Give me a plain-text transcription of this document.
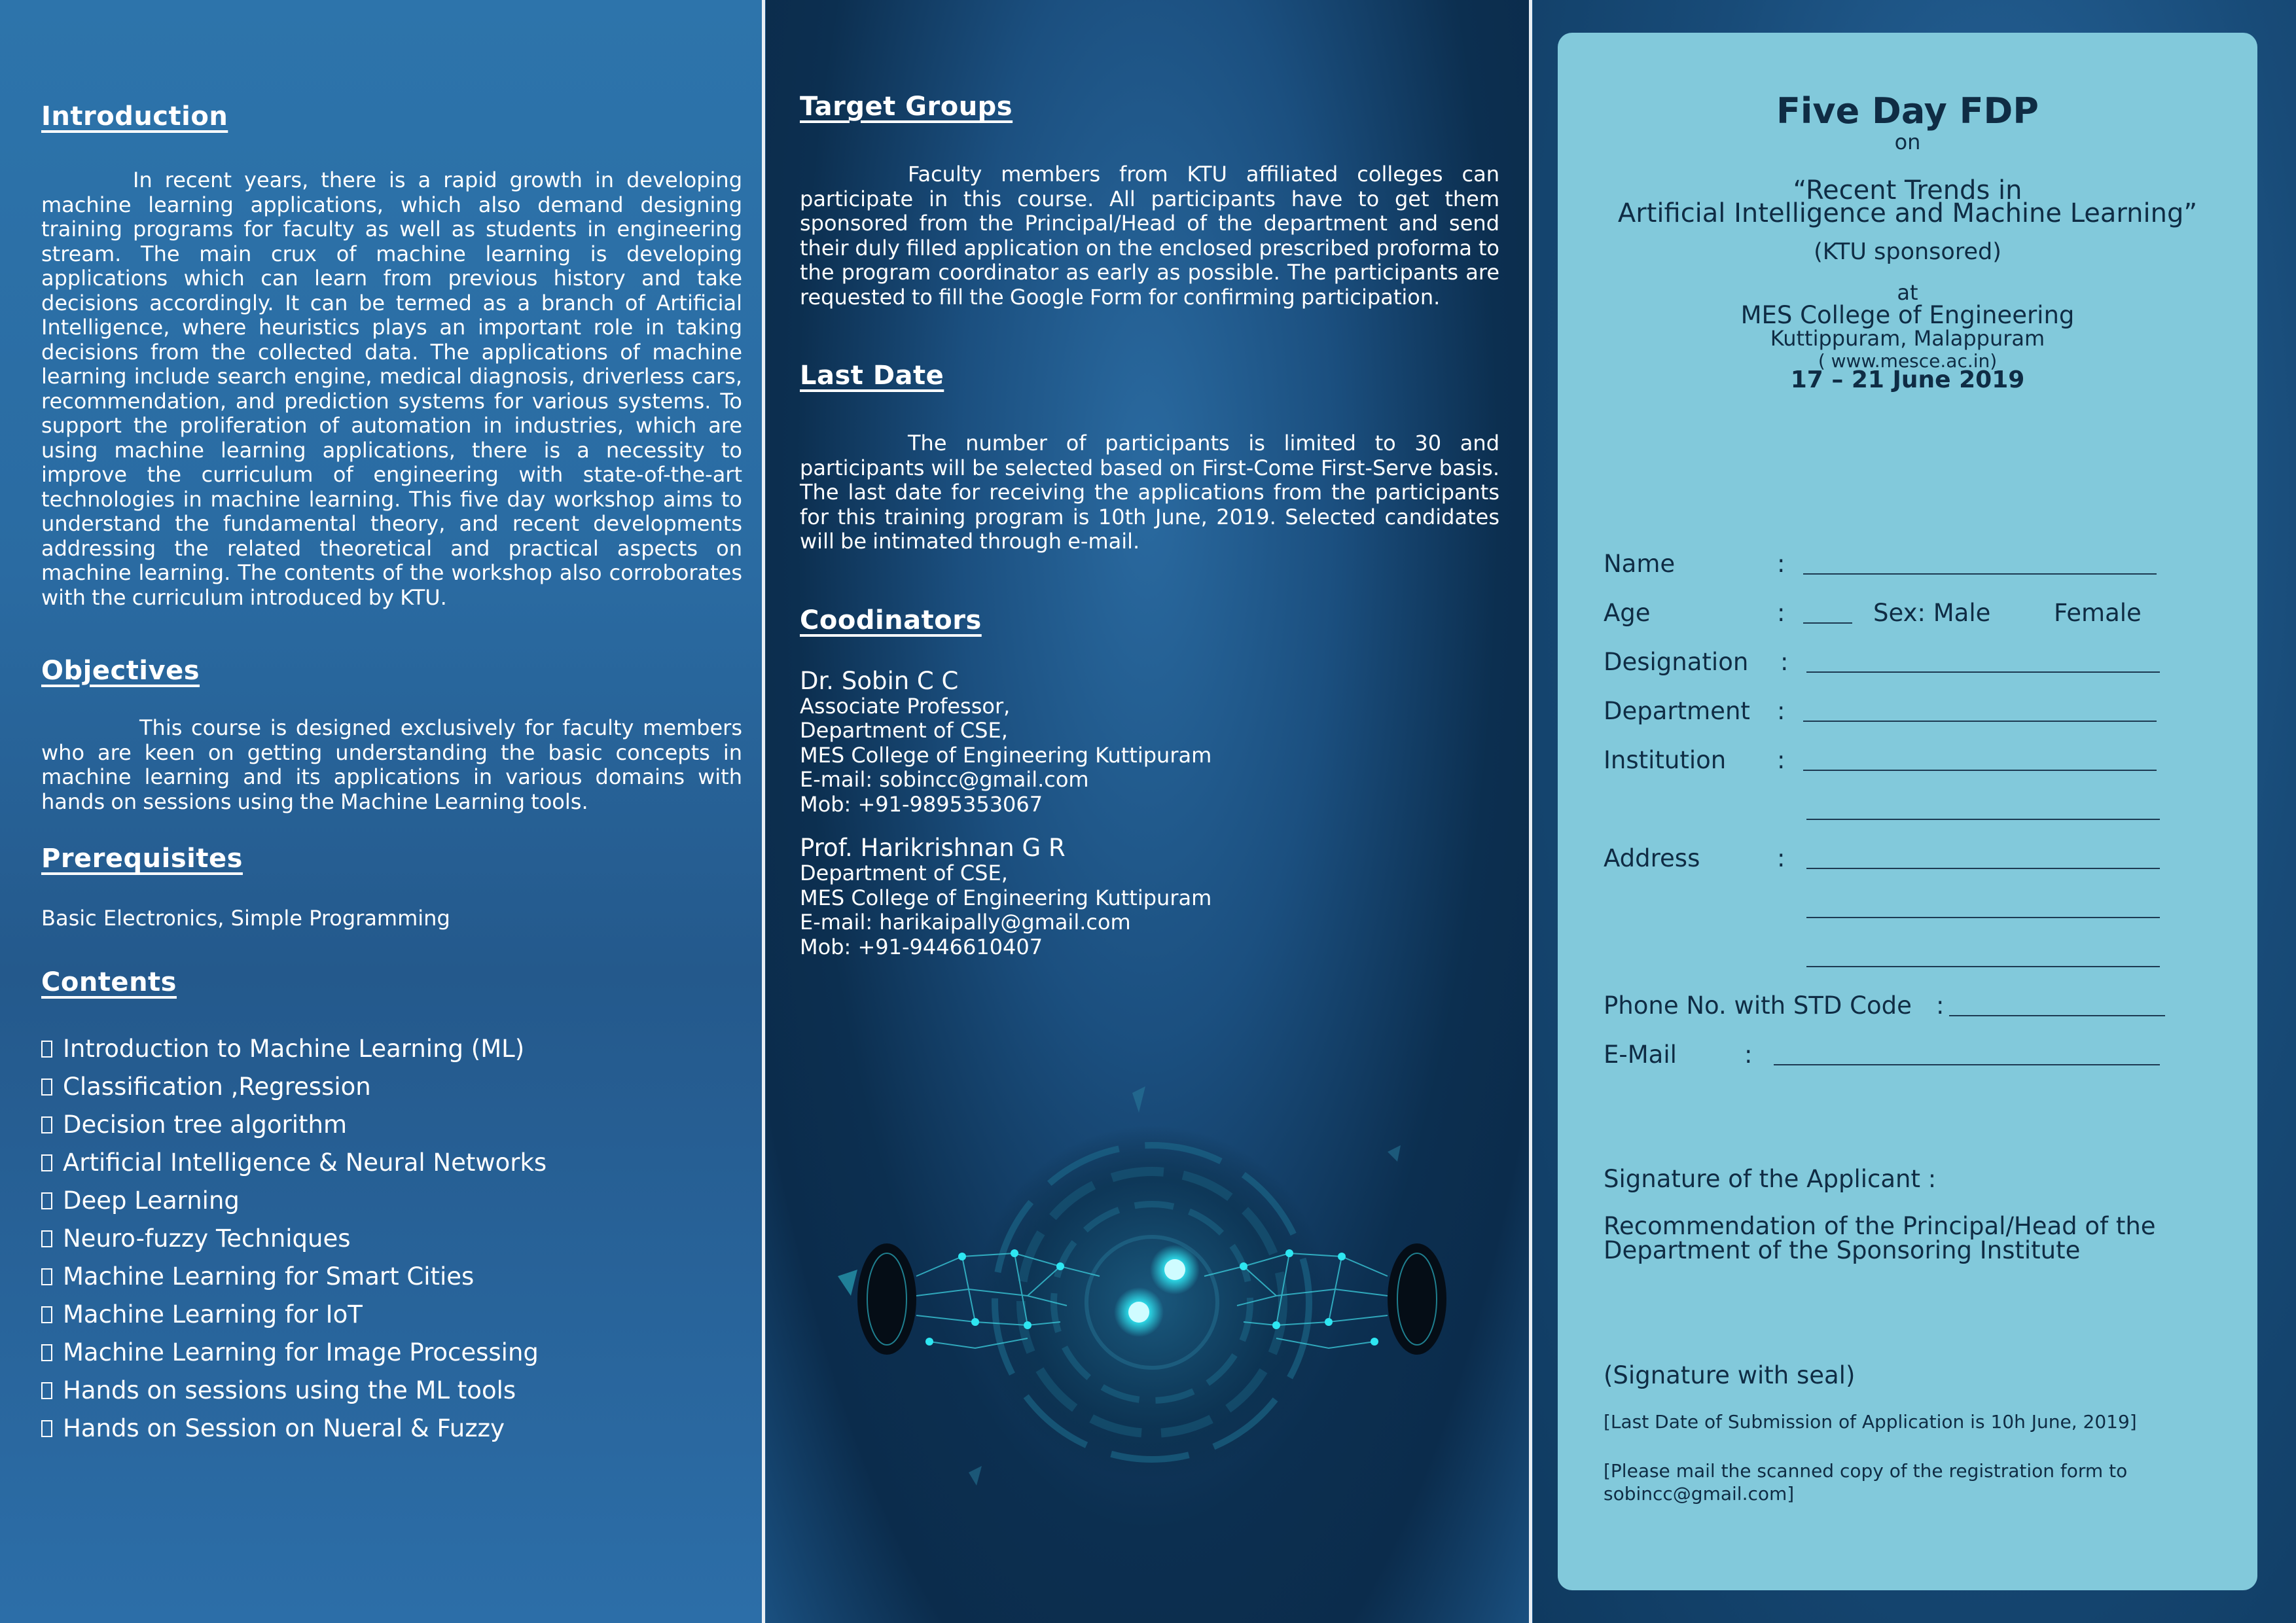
Introduction

In recent years, there is a rapid growth in developing machine learning applications, which also demand designing training programs for faculty as well as students in engineering stream. The main crux of machine learning is developing applications which can learn from previous history and take decisions accordingly. It can be termed as a branch of Artificial Intelligence, where heuristics plays an important role in taking decisions from the collected data. The applications of machine learning include search engine, medical diagnosis, driverless cars, recommendation, and prediction systems for various systems. To support the proliferation of automation in industries, which are using machine learning applications, there is a necessity to improve the curriculum of engineering with state-of-the-art technologies in machine learning. This five day workshop aims to understand the fundamental theory, and recent developments addressing the related theoretical and practical aspects on machine learning. The contents of the workshop also corroborates with the curriculum introduced by KTU.

Objectives

This course is designed exclusively for faculty members who are keen on getting understanding the basic concepts in machine learning and its applications in various domains with hands on sessions using the Machine Learning tools.

Prerequisites

Basic Electronics, Simple Programming

Contents
Introduction to Machine Learning (ML)
Classification ,Regression
Decision tree algorithm
Artificial Intelligence & Neural Networks
Deep Learning
Neuro-fuzzy Techniques
Machine Learning for Smart Cities
Machine Learning for IoT
Machine Learning for Image Processing
Hands on sessions using the ML tools
Hands on Session on Nueral & Fuzzy
Target Groups

Faculty members from KTU affiliated colleges can participate in this course. All participants have to get them sponsored from the Principal/Head of the department and send their duly filled application on the enclosed prescribed proforma to the program coordinator as early as possible. The participants are requested to fill the Google Form for confirming participation.

Last Date

The number of participants is limited to 30 and participants will be selected based on First-Come First-Serve basis. The last date for receiving the applications from the participants for this training program is 10th June, 2019. Selected candidates will be intimated through e-mail.

Coodinators
Dr. Sobin C C
Associate Professor,
Department of CSE,
MES College of Engineering Kuttipuram
E-mail: sobincc@gmail.com
Mob: +91-9895353067
Prof. Harikrishnan G R
Department of CSE,
MES College of Engineering Kuttipuram
E-mail: harikaipally@gmail.com
Mob: +91-9446610407
Five Day FDP
on
“Recent Trends in
Artificial Intelligence and Machine Learning”
(KTU sponsored)
at
MES College of Engineering
Kuttippuram, Malappuram
( www.mesce.ac.in)
17 – 21 June 2019
Name	:
Age	:	Sex: Male	Female
Designation :
Department :
Institution :
Address	:
Phone No. with STD Code :
E-Mail	:
Signature of the Applicant :
Recommendation of the Principal/Head of the Department of the Sponsoring Institute
(Signature with seal)
[Last Date of Submission of Application is 10h June, 2019]
[Please mail the scanned copy of the registration form to sobincc@gmail.com]
